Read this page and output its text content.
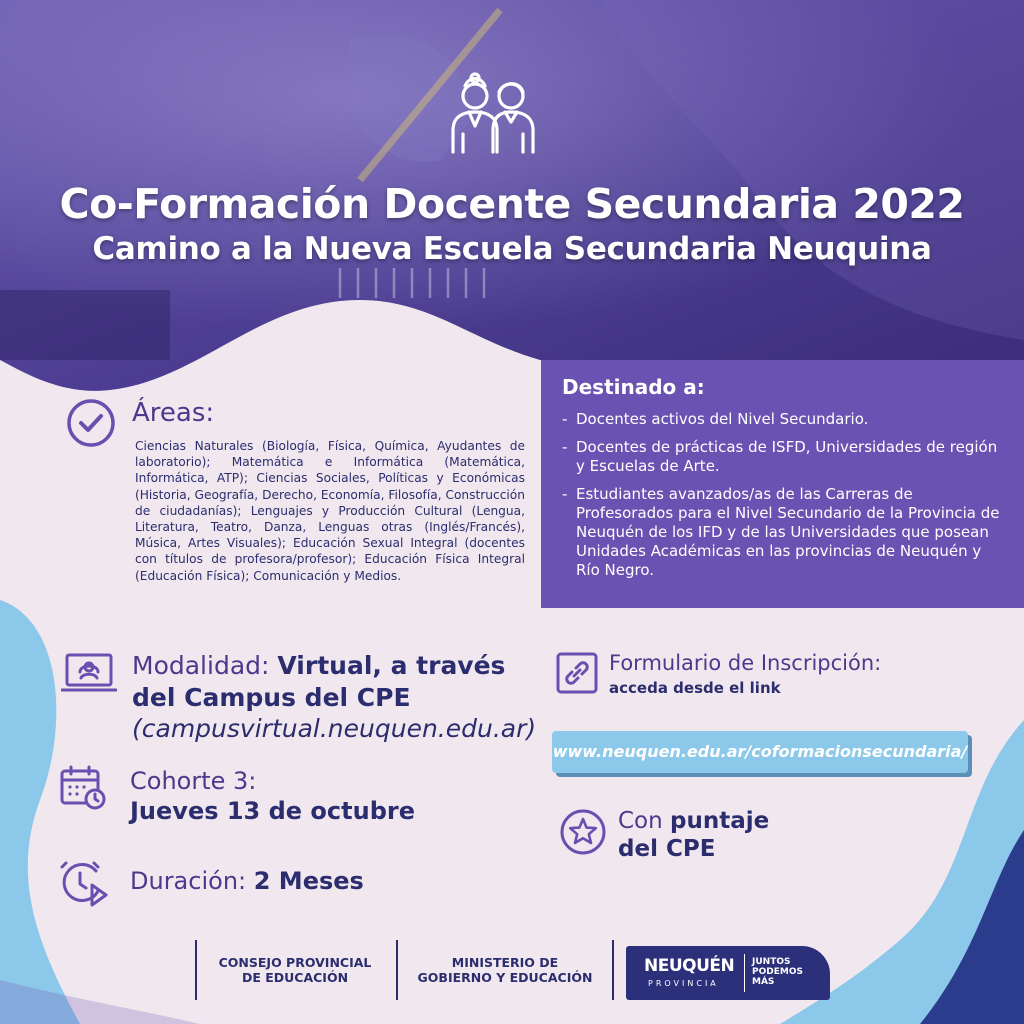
Co-Formación Docente Secundaria 2022
Camino a la Nueva Escuela Secundaria Neuquina
Destinado a:
- Docentes activos del Nivel Secundario.
- Docentes de prácticas de ISFD, Universidades de región y Escuelas de Arte.
- Estudiantes avanzados/as de las Carreras de Profesorados para el Nivel Secundario de la Provincia de Neuquén de los IFD y de las Universidades que posean Unidades Académicas en las provincias de Neuquén y Río Negro.
Áreas:
Ciencias Naturales (Biología, Física, Química, Ayudantes de laboratorio); Matemática e Informática (Matemática, Informática, ATP); Ciencias Sociales, Políticas y Económicas (Historia, Geografía, Derecho, Economía, Filosofía, Construcción de ciudadanías); Lenguajes y Producción Cultural (Lengua, Literatura, Teatro, Danza, Lenguas otras (Inglés/Francés), Música, Artes Visuales); Educación Sexual Integral (docentes con títulos de profesora/profesor); Educación Física Integral (Educación Física); Comunicación y Medios.
Modalidad: Virtual, a través
del Campus del CPE
(campusvirtual.neuquen.edu.ar)
Cohorte 3:
Jueves 13 de octubre
Duración: 2 Meses
Formulario de Inscripción:
acceda desde el link
www.neuquen.edu.ar/coformacionsecundaria/
Con puntaje
del CPE
CONSEJO PROVINCIAL
DE EDUCACIÓN
MINISTERIO DE
GOBIERNO Y EDUCACIÓN
NEUQUÉN
PROVINCIA
JUNTOS
PODEMOS
MÁS
